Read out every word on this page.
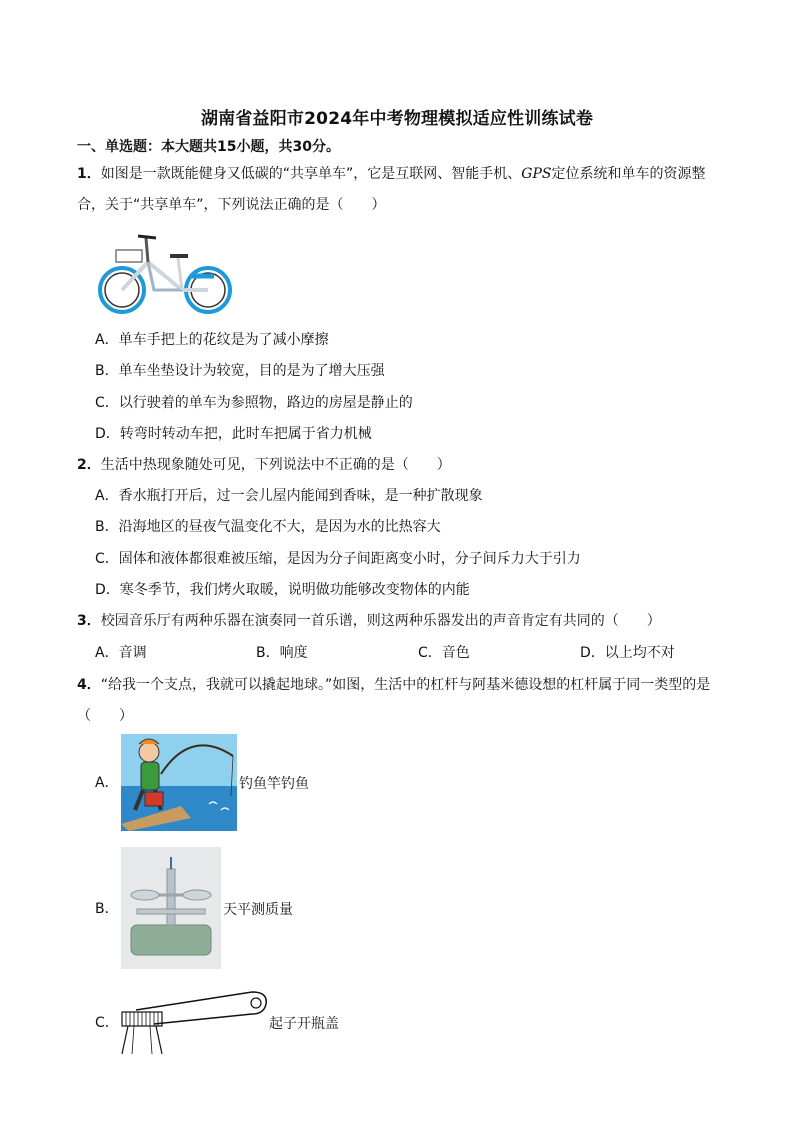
湖南省益阳市2024年中考物理模拟适应性训练试卷
一、单选题：本大题共15小题，共30分。
1．如图是一款既能健身又低碳的“共享单车”，它是互联网、智能手机、GPS定位系统和单车的资源整
合，关于“共享单车”，下列说法正确的是（　　）
A．单车手把上的花纹是为了减小摩擦
B．单车坐垫设计为较宽，目的是为了增大压强
C．以行驶着的单车为参照物，路边的房屋是静止的
D．转弯时转动车把，此时车把属于省力机械
2．生活中热现象随处可见，下列说法中不正确的是（　　）
A．香水瓶打开后，过一会儿屋内能闻到香味，是一种扩散现象
B．沿海地区的昼夜气温变化不大，是因为水的比热容大
C．固体和液体都很难被压缩，是因为分子间距离变小时，分子间斥力大于引力
D．寒冬季节，我们烤火取暖，说明做功能够改变物体的内能
3．校园音乐厅有两种乐器在演奏同一首乐谱，则这两种乐器发出的声音肯定有共同的（　　）
A．音调	B．响度	C．音色	D．以上均不对
4．“给我一个支点，我就可以撬起地球。”如图，生活中的杠杆与阿基米德设想的杠杆属于同一类型的是
（　　）
A．	钓鱼竿钓鱼
B．	天平测质量
C．	起子开瓶盖
